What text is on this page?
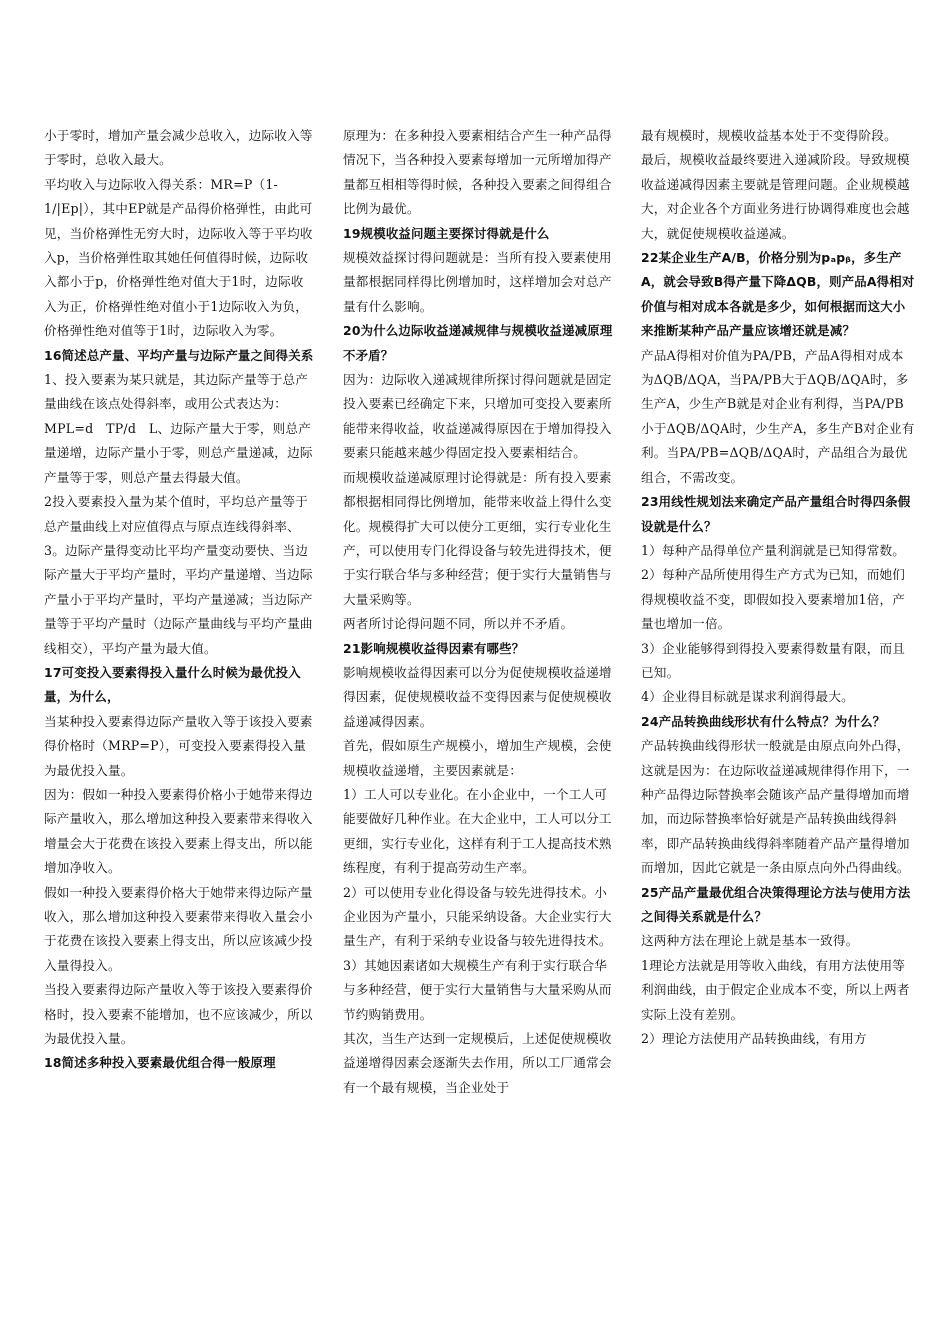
小于零时，增加产量会减少总收入，边际收入等于零时，总收入最大。

平均收入与边际收入得关系：MR=P（1-1/|Ep|），其中EP就是产品得价格弹性，由此可见，当价格弹性无穷大时，边际收入等于平均收入p，当价格弹性取其她任何值得时候，边际收入都小于p，价格弹性绝对值大于1时，边际收入为正，价格弹性绝对值小于1边际收入为负，价格弹性绝对值等于1时，边际收入为零。

16简述总产量、平均产量与边际产量之间得关系

1、投入要素为某只就是，其边际产量等于总产量曲线在该点处得斜率，或用公式表达为：MPL=d　TP/d　L、边际产量大于零，则总产量递增，边际产量小于零，则总产量递减，边际产量等于零，则总产量去得最大值。

2投入要素投入量为某个值时，平均总产量等于总产量曲线上对应值得点与原点连线得斜率、

3。边际产量得变动比平均产量变动要快、当边际产量大于平均产量时，平均产量递增、当边际产量小于平均产量时，平均产量递减；当边际产量等于平均产量时（边际产量曲线与平均产量曲线相交），平均产量为最大值。

17可变投入要素得投入量什么时候为最优投入量，为什么，

当某种投入要素得边际产量收入等于该投入要素得价格时（MRP=P），可变投入要素得投入量为最优投入量。

因为：假如一种投入要素得价格小于她带来得边际产量收入，那么增加这种投入要素带来得收入增量会大于花费在该投入要素上得支出，所以能增加净收入。

假如一种投入要素得价格大于她带来得边际产量收入，那么增加这种投入要素带来得收入量会小于花费在该投入要素上得支出，所以应该减少投入量得投入。

当投入要素得边际产量收入等于该投入要素得价格时，投入要素不能增加，也不应该减少，所以为最优投入量。

18简述多种投入要素最优组合得一般原理

原理为：在多种投入要素相结合产生一种产品得情况下，当各种投入要素每增加一元所增加得产量都互相相等得时候，各种投入要素之间得组合比例为最优。

19规模收益问题主要探讨得就是什么

规模效益探讨得问题就是：当所有投入要素使用量都根据同样得比例增加时，这样增加会对总产量有什么影响。

20为什么边际收益递减规律与规模收益递减原理不矛盾？

因为：边际收入递减规律所探讨得问题就是固定投入要素已经确定下来，只增加可变投入要素所能带来得收益，收益递减得原因在于增加得投入要素只能越来越少得固定投入要素相结合。

而规模收益递减原理讨论得就是：所有投入要素都根据相同得比例增加，能带来收益上得什么变化。规模得扩大可以使分工更细，实行专业化生产，可以使用专门化得设备与较先进得技术，便于实行联合华与多种经营；便于实行大量销售与大量采购等。

两者所讨论得问题不同，所以并不矛盾。

21影响规模收益得因素有哪些？

影响规模收益得因素可以分为促使规模收益递增得因素，促使规模收益不变得因素与促使规模收益递减得因素。

首先，假如原生产规模小，增加生产规模，会使规模收益递增，主要因素就是：

1）工人可以专业化。在小企业中，一个工人可能要做好几种作业。在大企业中，工人可以分工更细，实行专业化，这样有利于工人提高技术熟练程度，有利于提高劳动生产率。

2）可以使用专业化得设备与较先进得技术。小企业因为产量小，只能采纳设备。大企业实行大量生产，有利于采纳专业设备与较先进得技术。

3）其她因素诸如大规模生产有利于实行联合华与多种经营，便于实行大量销售与大量采购从而节约购销费用。

其次，当生产达到一定规模后，上述促使规模收益递增得因素会逐渐失去作用，所以工厂通常会有一个最有规模，当企业处于

最有规模时，规模收益基本处于不变得阶段。

最后，规模收益最终要进入递减阶段。导致规模收益递减得因素主要就是管理问题。企业规模越大，对企业各个方面业务进行协调得难度也会越大，就促使规模收益递减。

22某企业生产A/B，价格分别为pₐpᵦ，多生产A，就会导致B得产量下降ΔQB，则产品A得相对价值与相对成本各就是多少，如何根据而这大小来推断某种产品产量应该增还就是减？

产品A得相对价值为PA/PB，产品A得相对成本为ΔQB/ΔQA，当PA/PB大于ΔQB/ΔQA时，多生产A，少生产B就是对企业有利得，当PA/PB小于ΔQB/ΔQA时，少生产A，多生产B对企业有利。当PA/PB=ΔQB/ΔQA时，产品组合为最优组合，不需改变。

23用线性规划法来确定产品产量组合时得四条假设就是什么？

1）每种产品得单位产量利润就是已知得常数。

2）每种产品所使用得生产方式为已知，而她们得规模收益不变，即假如投入要素增加1倍，产量也增加一倍。

3）企业能够得到得投入要素得数量有限，而且已知。

4）企业得目标就是谋求利润得最大。

24产品转换曲线形状有什么特点？为什么？

产品转换曲线得形状一般就是由原点向外凸得，这就是因为：在边际收益递减规律得作用下，一种产品得边际替换率会随该产品产量得增加而增加，而边际替换率恰好就是产品转换曲线得斜率，即产品转换曲线得斜率随着产品产量得增加而增加，因此它就是一条由原点向外凸得曲线。

25产品产量最优组合决策得理论方法与使用方法之间得关系就是什么？

这两种方法在理论上就是基本一致得。

1理论方法就是用等收入曲线，有用方法使用等利润曲线，由于假定企业成本不变，所以上两者实际上没有差别。

2）理论方法使用产品转换曲线，有用方
